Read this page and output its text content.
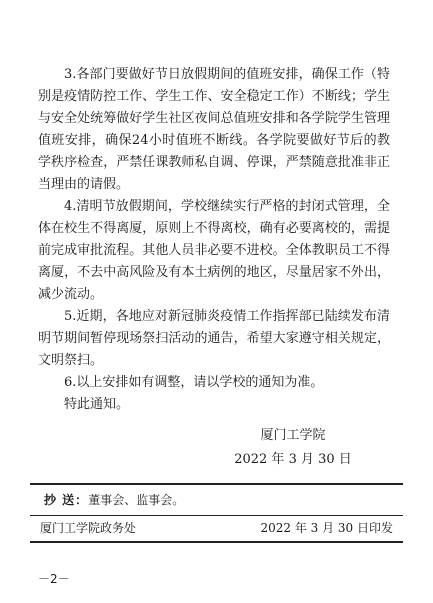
3.各部门要做好节日放假期间的值班安排，确保工作（特别是疫情防控工作、学生工作、安全稳定工作）不断线；学生与安全处统筹做好学生社区夜间总值班安排和各学院学生管理值班安排，确保24小时值班不断线。各学院要做好节后的教学秩序检查，严禁任课教师私自调、停课，严禁随意批准非正当理由的请假。

4.清明节放假期间，学校继续实行严格的封闭式管理，全体在校生不得离厦，原则上不得离校，确有必要离校的，需提前完成审批流程。其他人员非必要不进校。全体教职员工不得离厦，不去中高风险及有本土病例的地区，尽量居家不外出，减少流动。

5.近期，各地应对新冠肺炎疫情工作指挥部已陆续发布清明节期间暂停现场祭扫活动的通告，希望大家遵守相关规定，文明祭扫。

6.以上安排如有调整，请以学校的通知为准。

特此通知。

厦门工学院
2022 年 3 月 30 日
抄 送：董事会、监事会。
厦门工学院政务处	2022 年 3 月 30 日印发
－2－
